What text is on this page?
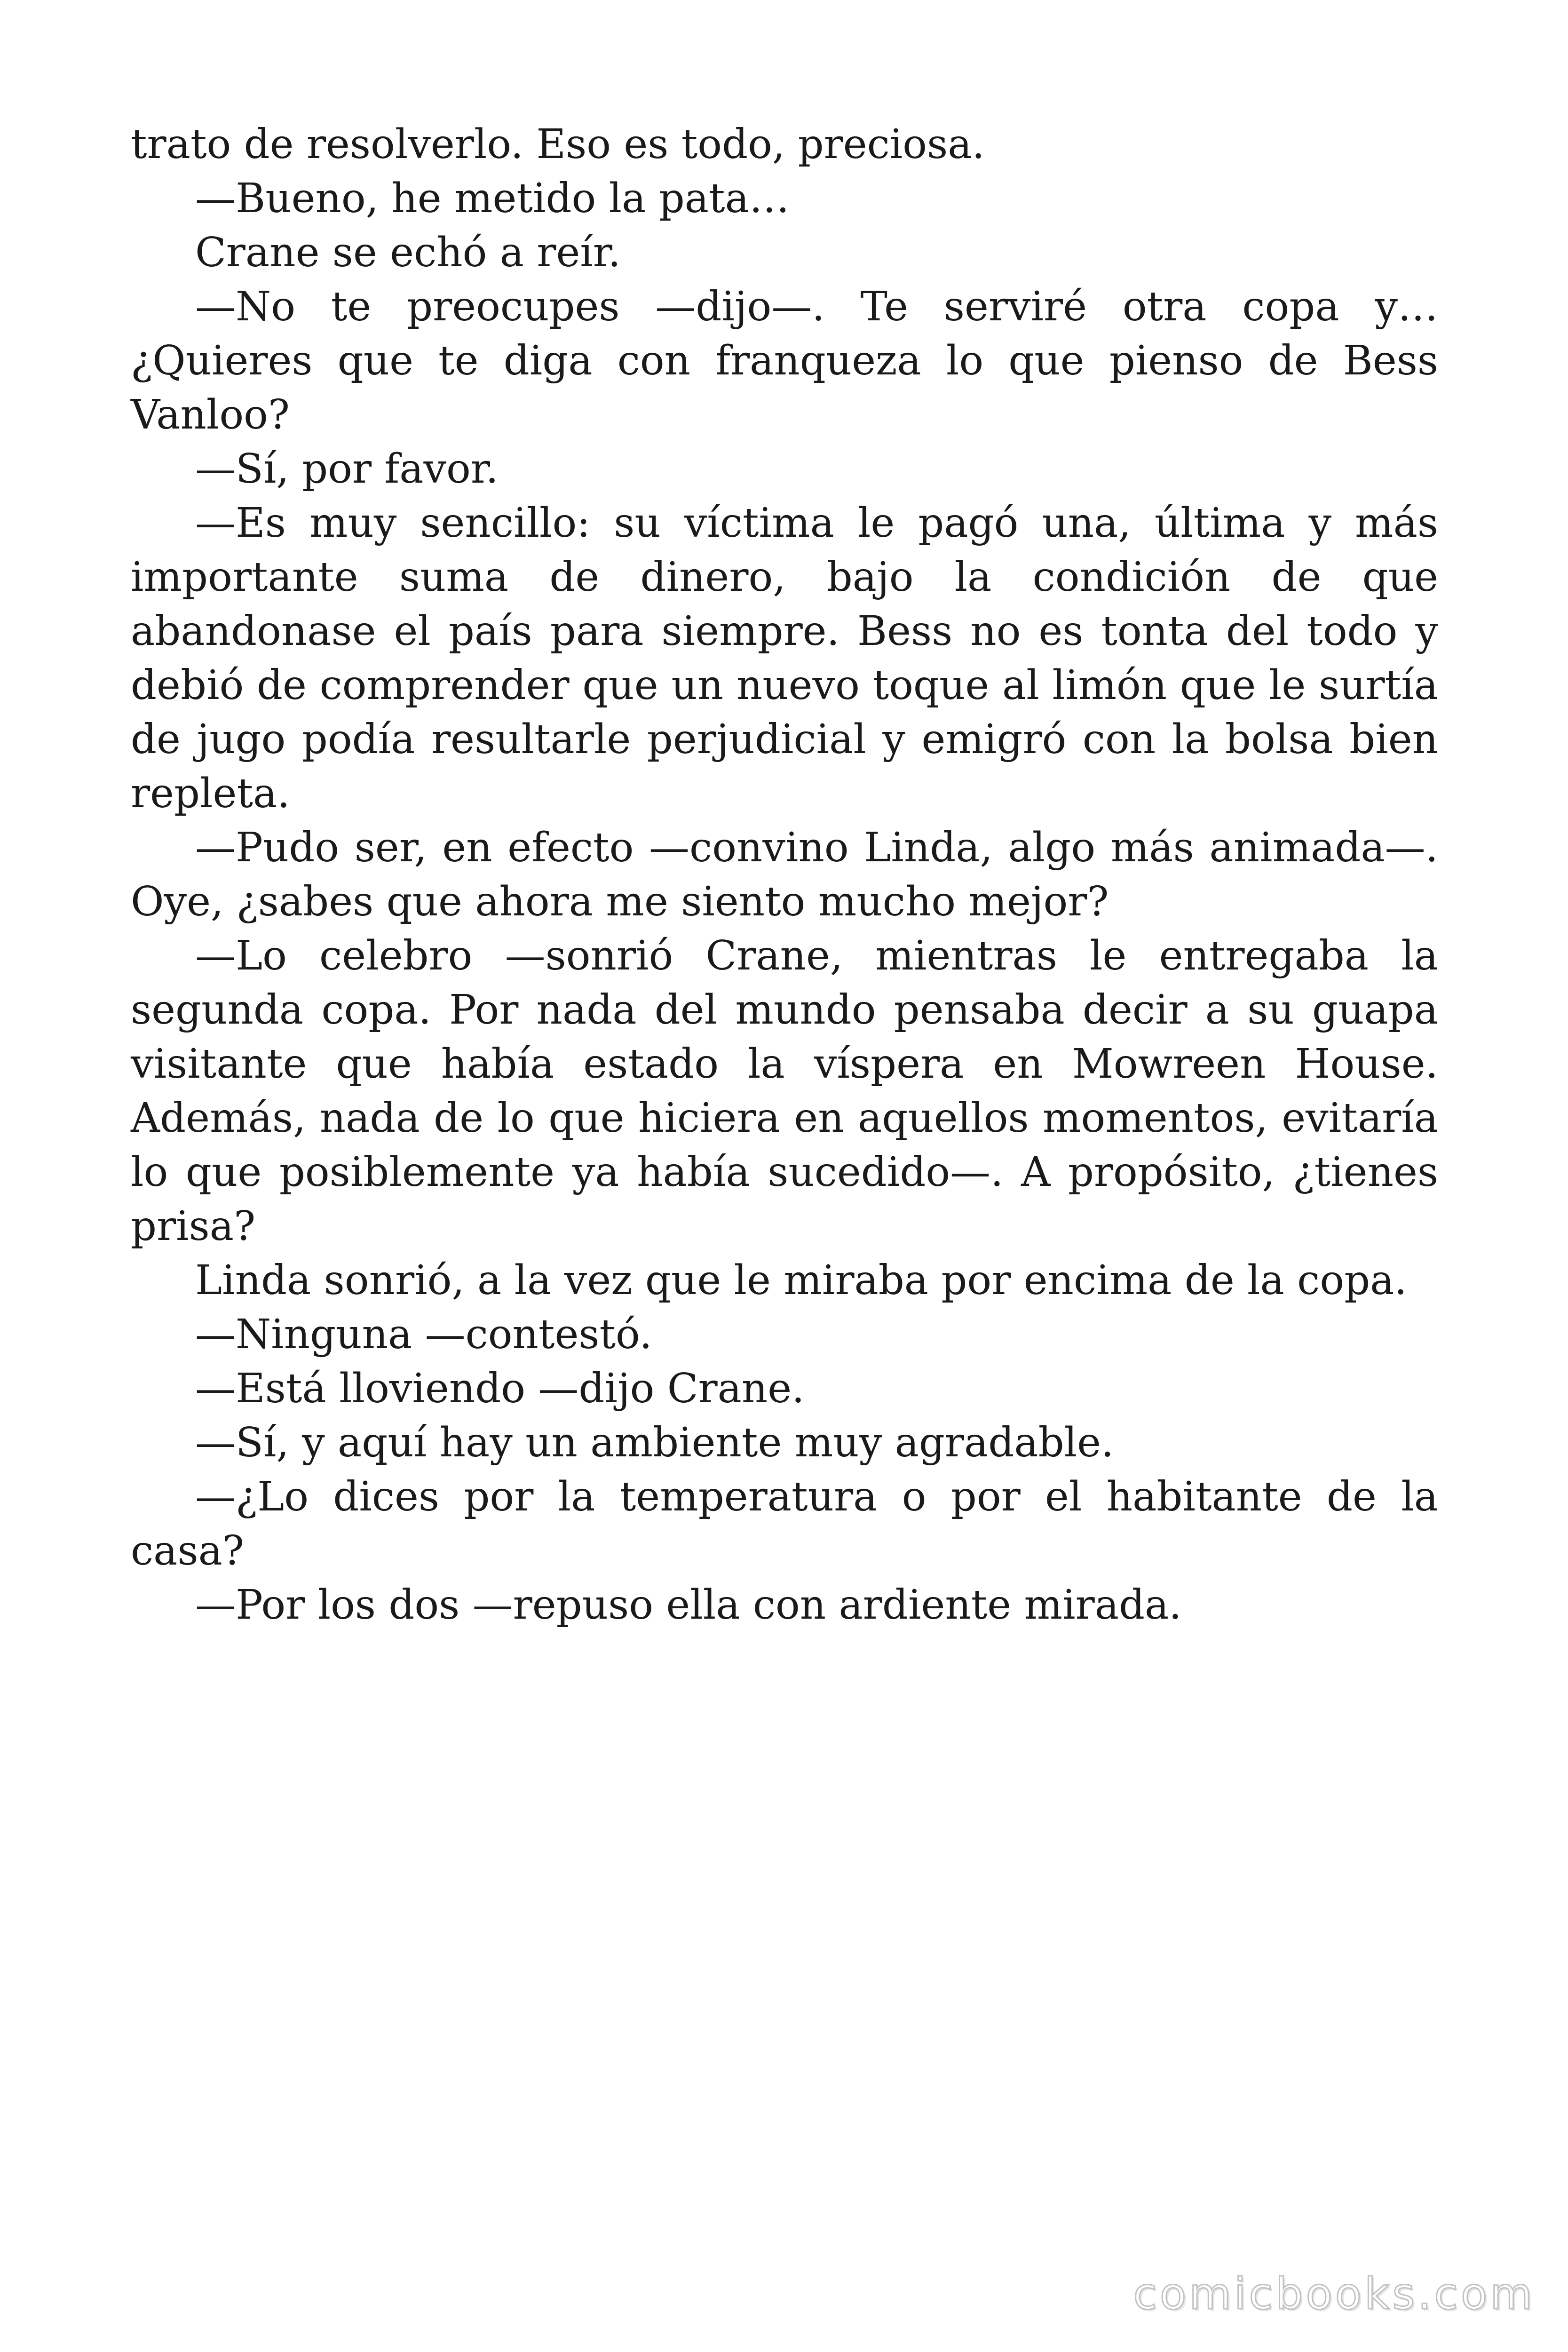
trato de resolverlo. Eso es todo, preciosa.

—Bueno, he metido la pata…

Crane se echó a reír.

—No te preocupes —dijo—. Te serviré otra copa y… ¿Quieres que te diga con franqueza lo que pienso de Bess Vanloo?

—Sí, por favor.

—Es muy sencillo: su víctima le pagó una, última y más importante suma de dinero, bajo la condición de que abandonase el país para siempre. Bess no es tonta del todo y debió de comprender que un nuevo toque al limón que le surtía de jugo podía resultarle perjudicial y emigró con la bolsa bien repleta.

—Pudo ser, en efecto —convino Linda, algo más animada—. Oye, ¿sabes que ahora me siento mucho mejor?

—Lo celebro —sonrió Crane, mientras le entregaba la segunda copa. Por nada del mundo pensaba decir a su guapa visitante que había estado la víspera en Mowreen House. Además, nada de lo que hiciera en aquellos momentos, evitaría lo que posiblemente ya había sucedido—. A propósito, ¿tienes prisa?

Linda sonrió, a la vez que le miraba por encima de la copa.

—Ninguna —contestó.

—Está lloviendo —dijo Crane.

—Sí, y aquí hay un ambiente muy agradable.

—¿Lo dices por la temperatura o por el habitante de la casa?

—Por los dos —repuso ella con ardiente mirada.

comicbooks.com
